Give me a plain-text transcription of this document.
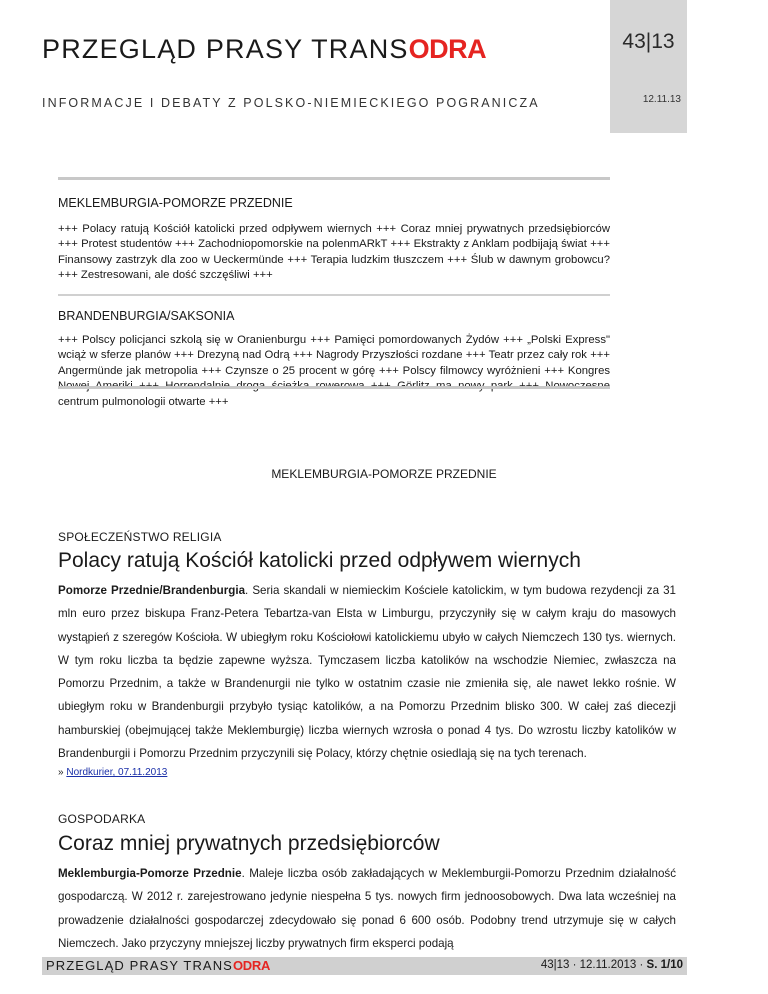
PRZEGLĄD PRASY TRANSODRA
INFORMACJE I DEBATY Z POLSKO-NIEMIECKIEGO POGRANICZA
43|13
12.11.13
MEKLEMBURGIA-POMORZE PRZEDNIE
+++ Polacy ratują Kościół katolicki przed odpływem wiernych +++ Coraz mniej prywatnych przedsiębiorców +++ Protest studentów +++ Zachodniopomorskie na polenmARkT +++ Ekstrakty z Anklam podbijają świat +++ Finansowy zastrzyk dla zoo w Ueckermünde +++ Terapia ludzkim tłuszczem +++ Ślub w dawnym grobowcu? +++ Zestresowani, ale dość szczęśliwi +++
BRANDENBURGIA/SAKSONIA
+++ Polscy policjanci szkolą się w Oranienburgu +++ Pamięci pomordowanych Żydów +++ „Polski Express" wciąż w sferze planów +++ Drezyną nad Odrą +++ Nagrody Przyszłości rozdane +++ Teatr przez cały rok +++ Angermünde jak metropolia +++ Czynsze o 25 procent w górę +++ Polscy filmowcy wyróżnieni +++ Kongres centrum pulmonologii otwarte +++
MEKLEMBURGIA-POMORZE PRZEDNIE
SPOŁECZEŃSTWO RELIGIA
Polacy ratują Kościół katolicki przed odpływem wiernych
Pomorze Przednie/Brandenburgia. Seria skandali w niemieckim Kościele katolickim, w tym budowa rezydencji za 31 mln euro przez biskupa Franz-Petera Tebartza-van Elsta w Limburgu, przyczyniły się w całym kraju do masowych wystąpień z szeregów Kościoła. W ubiegłym roku Kościołowi katolickiemu ubyło w całych Niemczech 130 tys. wiernych. W tym roku liczba ta będzie zapewne wyższa. Tymczasem liczba katolików na wschodzie Niemiec, zwłaszcza na Pomorzu Przednim, a także w Brandenurgii nie tylko w ostatnim czasie nie zmieniła się, ale nawet lekko rośnie. W ubiegłym roku w Brandenburgii przybyło tysiąc katolików, a na Pomorzu Przednim blisko 300. W całej zaś diecezji hamburskiej (obejmującej także Meklemburgię) liczba wiernych wzrosła o ponad 4 tys. Do wzrostu liczby katolików w Brandenburgii i Pomorzu Przednim przyczynili się Polacy, którzy chętnie osiedlają się na tych terenach.
» Nordkurier, 07.11.2013
GOSPODARKA
Coraz mniej prywatnych przedsiębiorców
Meklemburgia-Pomorze Przednie. Maleje liczba osób zakładających w Meklemburgii-Pomorzu Przednim działalność gospodarczą. W 2012 r. zarejestrowano jedynie niespełna 5 tys. nowych firm jednoosobowych. Dwa lata wcześniej na prowadzenie działalności gospodarczej zdecydowało się ponad 6 600 osób. Podobny trend utrzymuje się w całych Niemczech. Jako przyczyny mniejszej liczby prywatnych firm eksperci podają
PRZEGLĄD PRASY TRANSODRA	43|13 · 12.11.2013 · S. 1/10
